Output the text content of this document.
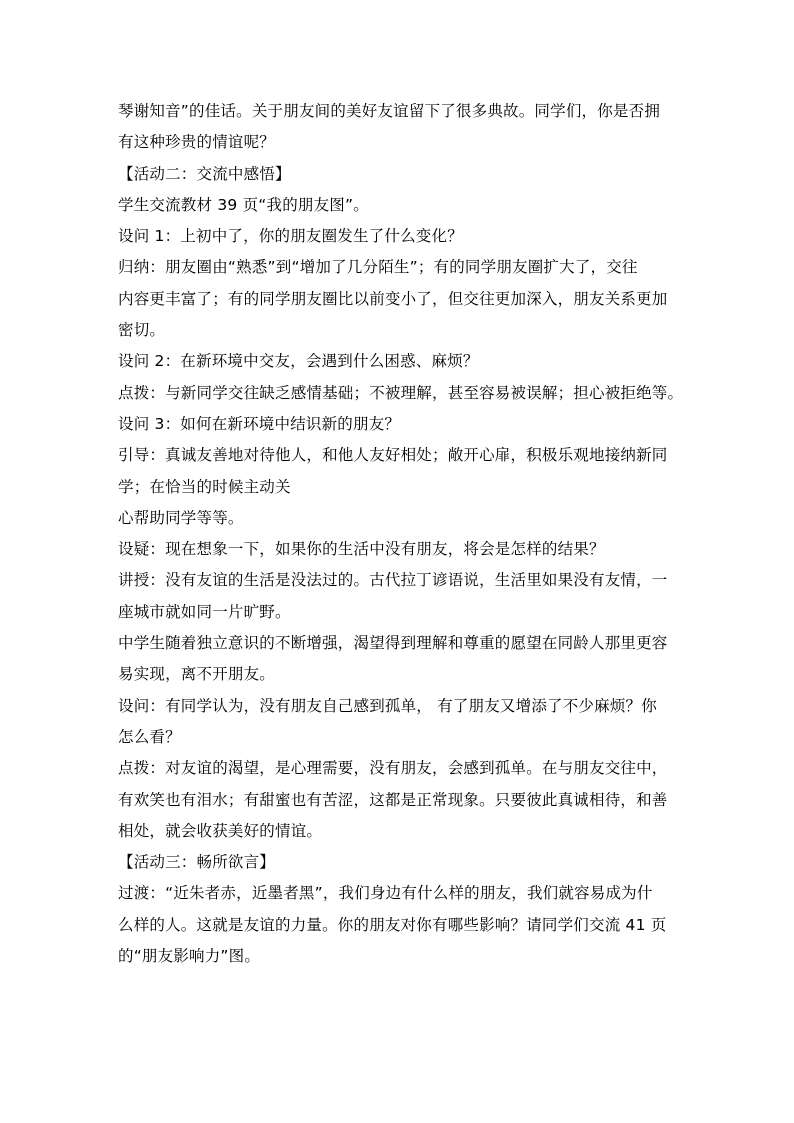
琴谢知音”的佳话。关于朋友间的美好友谊留下了很多典故。同学们，你是否拥

有这种珍贵的情谊呢？

【活动二：交流中感悟】

学生交流教材 39 页“我的朋友图”。

设问 1：上初中了，你的朋友圈发生了什么变化？

归纳：朋友圈由“熟悉”到“增加了几分陌生”；有的同学朋友圈扩大了，交往

内容更丰富了；有的同学朋友圈比以前变小了，但交往更加深入，朋友关系更加

密切。

设问 2：在新环境中交友，会遇到什么困惑、麻烦？

点拨：与新同学交往缺乏感情基础；不被理解，甚至容易被误解；担心被拒绝等。

设问 3：如何在新环境中结识新的朋友？

引导：真诚友善地对待他人，和他人友好相处；敞开心扉，积极乐观地接纳新同

学；在恰当的时候主动关

心帮助同学等等。

设疑：现在想象一下，如果你的生活中没有朋友，将会是怎样的结果？

讲授：没有友谊的生活是没法过的。古代拉丁谚语说，生活里如果没有友情，一

座城市就如同一片旷野。

中学生随着独立意识的不断增强，渴望得到理解和尊重的愿望在同龄人那里更容

易实现，离不开朋友。

设问：有同学认为，没有朋友自己感到孤单， 有了朋友又增添了不少麻烦？你

怎么看？

点拨：对友谊的渴望，是心理需要，没有朋友，会感到孤单。在与朋友交往中，

有欢笑也有泪水；有甜蜜也有苦涩，这都是正常现象。只要彼此真诚相待，和善

相处，就会收获美好的情谊。

【活动三：畅所欲言】

过渡：“近朱者赤，近墨者黑”，我们身边有什么样的朋友，我们就容易成为什

么样的人。这就是友谊的力量。你的朋友对你有哪些影响？请同学们交流 41 页

的“朋友影响力”图。
